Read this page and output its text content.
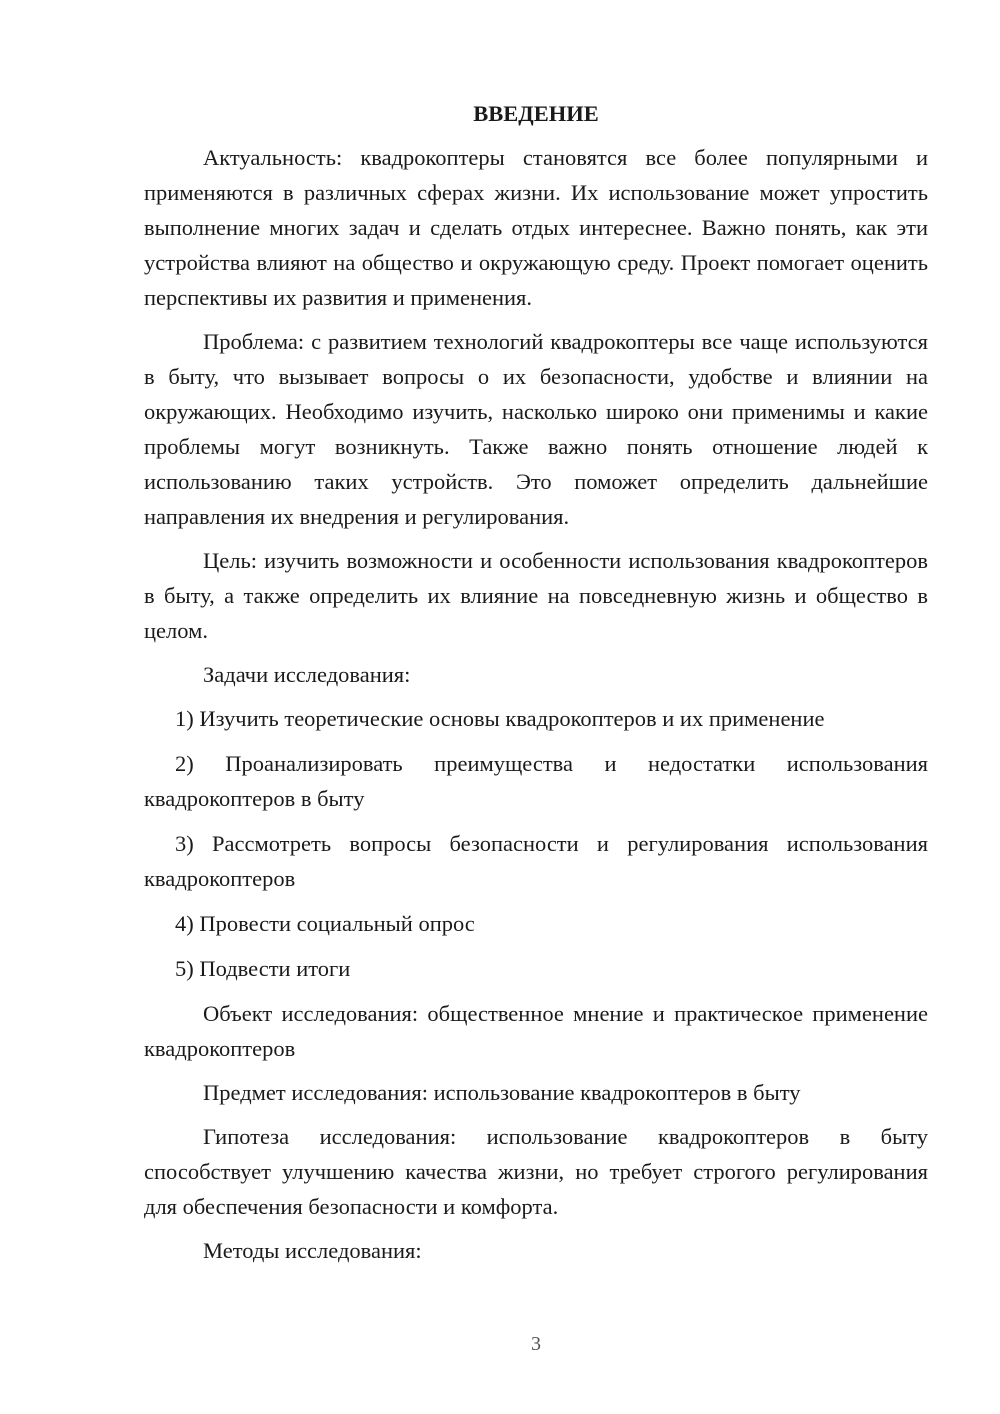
ВВЕДЕНИЕ

Актуальность: квадрокоптеры становятся все более популярными и применяются в различных сферах жизни. Их использование может упростить выполнение многих задач и сделать отдых интереснее. Важно понять, как эти устройства влияют на общество и окружающую среду. Проект помогает оценить перспективы их развития и применения.

Проблема: с развитием технологий квадрокоптеры все чаще используются в быту, что вызывает вопросы о их безопасности, удобстве и влиянии на окружающих. Необходимо изучить, насколько широко они применимы и какие проблемы могут возникнуть. Также важно понять отношение людей к использованию таких устройств. Это поможет определить дальнейшие направления их внедрения и регулирования.

Цель: изучить возможности и особенности использования квадрокоптеров в быту, а также определить их влияние на повседневную жизнь и общество в целом.

Задачи исследования:

1) Изучить теоретические основы квадрокоптеров и их применение
2) Проанализировать преимущества и недостатки использования квадрокоптеров в быту
3) Рассмотреть вопросы безопасности и регулирования использования квадрокоптеров
4) Провести социальный опрос
5) Подвести итоги

Объект исследования: общественное мнение и практическое применение квадрокоптеров

Предмет исследования: использование квадрокоптеров в быту

Гипотеза исследования: использование квадрокоптеров в быту способствует улучшению качества жизни, но требует строгого регулирования для обеспечения безопасности и комфорта.

Методы исследования:

3
